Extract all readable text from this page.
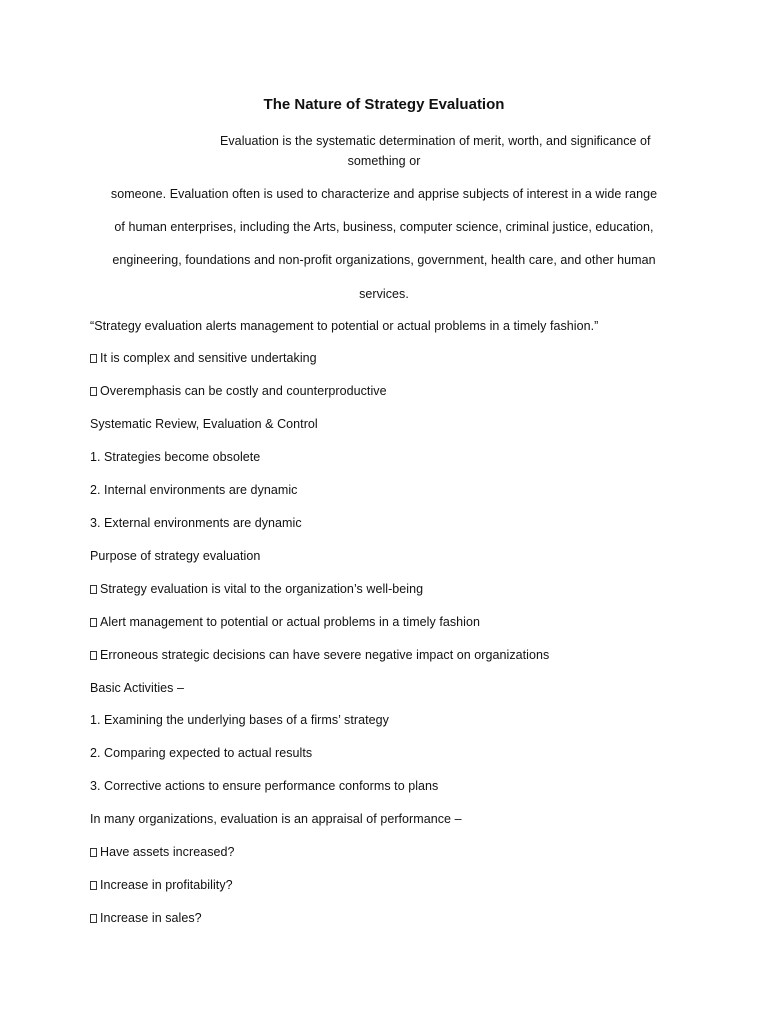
The Nature of Strategy Evaluation
Evaluation is the systematic determination of merit, worth, and significance of
something or
someone. Evaluation often is used to characterize and apprise subjects of interest in a wide range
of human enterprises, including the Arts, business, computer science, criminal justice, education,
engineering, foundations and non-profit organizations, government, health care, and other human
services.
“Strategy evaluation alerts management to potential or actual problems in a timely fashion.”
It is complex and sensitive undertaking
Overemphasis can be costly and counterproductive
Systematic Review, Evaluation & Control
1. Strategies become obsolete
2. Internal environments are dynamic
3. External environments are dynamic
Purpose of strategy evaluation
Strategy evaluation is vital to the organization’s well-being
Alert management to potential or actual problems in a timely fashion
Erroneous strategic decisions can have severe negative impact on organizations
Basic Activities –
1. Examining the underlying bases of a firms’ strategy
2. Comparing expected to actual results
3. Corrective actions to ensure performance conforms to plans
In many organizations, evaluation is an appraisal of performance –
Have assets increased?
Increase in profitability?
Increase in sales?
